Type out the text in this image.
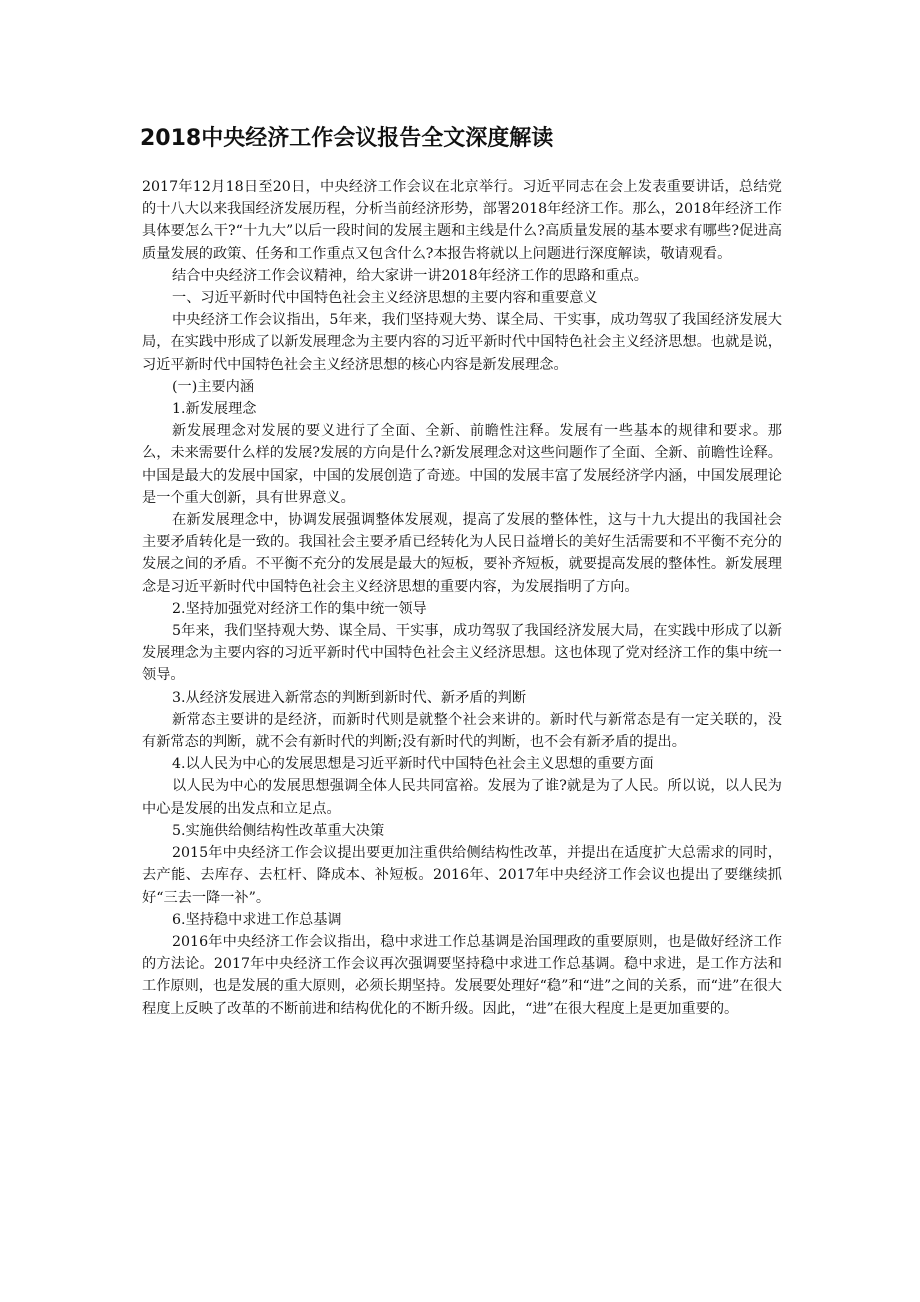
2018中央经济工作会议报告全文深度解读

2017年12月18日至20日，中央经济工作会议在北京举行。习近平同志在会上发表重要讲话，总结党的十八大以来我国经济发展历程，分析当前经济形势，部署2018年经济工作。那么，2018年经济工作具体要怎么干?“十九大”以后一段时间的发展主题和主线是什么?高质量发展的基本要求有哪些?促进高质量发展的政策、任务和工作重点又包含什么?本报告将就以上问题进行深度解读，敬请观看。

结合中央经济工作会议精神，给大家讲一讲2018年经济工作的思路和重点。

一、习近平新时代中国特色社会主义经济思想的主要内容和重要意义

中央经济工作会议指出，5年来，我们坚持观大势、谋全局、干实事，成功驾驭了我国经济发展大局，在实践中形成了以新发展理念为主要内容的习近平新时代中国特色社会主义经济思想。也就是说，习近平新时代中国特色社会主义经济思想的核心内容是新发展理念。

(一)主要内涵

1.新发展理念

新发展理念对发展的要义进行了全面、全新、前瞻性注释。发展有一些基本的规律和要求。那么，未来需要什么样的发展?发展的方向是什么?新发展理念对这些问题作了全面、全新、前瞻性诠释。中国是最大的发展中国家，中国的发展创造了奇迹。中国的发展丰富了发展经济学内涵，中国发展理论是一个重大创新，具有世界意义。

在新发展理念中，协调发展强调整体发展观，提高了发展的整体性，这与十九大提出的我国社会主要矛盾转化是一致的。我国社会主要矛盾已经转化为人民日益增长的美好生活需要和不平衡不充分的发展之间的矛盾。不平衡不充分的发展是最大的短板，要补齐短板，就要提高发展的整体性。新发展理念是习近平新时代中国特色社会主义经济思想的重要内容，为发展指明了方向。

2.坚持加强党对经济工作的集中统一领导

5年来，我们坚持观大势、谋全局、干实事，成功驾驭了我国经济发展大局，在实践中形成了以新发展理念为主要内容的习近平新时代中国特色社会主义经济思想。这也体现了党对经济工作的集中统一领导。

3.从经济发展进入新常态的判断到新时代、新矛盾的判断

新常态主要讲的是经济，而新时代则是就整个社会来讲的。新时代与新常态是有一定关联的，没有新常态的判断，就不会有新时代的判断;没有新时代的判断，也不会有新矛盾的提出。

4.以人民为中心的发展思想是习近平新时代中国特色社会主义思想的重要方面

以人民为中心的发展思想强调全体人民共同富裕。发展为了谁?就是为了人民。所以说，以人民为中心是发展的出发点和立足点。

5.实施供给侧结构性改革重大决策

2015年中央经济工作会议提出要更加注重供给侧结构性改革，并提出在适度扩大总需求的同时，去产能、去库存、去杠杆、降成本、补短板。2016年、2017年中央经济工作会议也提出了要继续抓好“三去一降一补”。

6.坚持稳中求进工作总基调

2016年中央经济工作会议指出，稳中求进工作总基调是治国理政的重要原则，也是做好经济工作的方法论。2017年中央经济工作会议再次强调要坚持稳中求进工作总基调。稳中求进，是工作方法和工作原则，也是发展的重大原则，必须长期坚持。发展要处理好“稳”和“进”之间的关系，而“进”在很大程度上反映了改革的不断前进和结构优化的不断升级。因此，“进”在很大程度上是更加重要的。
